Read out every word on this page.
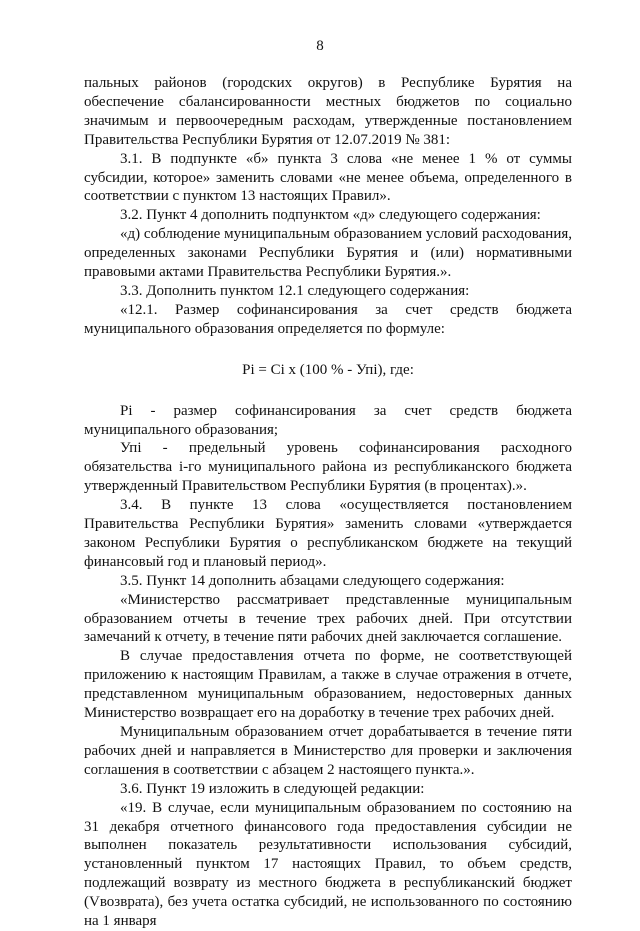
8

пальных районов (городских округов) в Республике Бурятия на обеспечение сбалансированности местных бюджетов по социально значимым и первоочередным расходам, утвержденные постановлением Правительства Республики Бурятия от 12.07.2019 № 381:

3.1. В подпункте «б» пункта 3 слова «не менее 1 % от суммы субсидии, которое» заменить словами «не менее объема, определенного в соответствии с пунктом 13 настоящих Правил».

3.2. Пункт 4 дополнить подпунктом «д» следующего содержания:

«д) соблюдение муниципальным образованием условий расходования, определенных законами Республики Бурятия и (или) нормативными правовыми актами Правительства Республики Бурятия.».

3.3. Дополнить пунктом 12.1 следующего содержания:

«12.1. Размер софинансирования за счет средств бюджета муниципального образования определяется по формуле:

Pi = Ci x (100 % - Упi), где:

Pi - размер софинансирования за счет средств бюджета муниципального образования;

Упi - предельный уровень софинансирования расходного обязательства i-го муниципального района из республиканского бюджета утвержденный Правительством Республики Бурятия (в процентах).».

3.4. В пункте 13 слова «осуществляется постановлением Правительства Республики Бурятия» заменить словами «утверждается законом Республики Бурятия о республиканском бюджете на текущий финансовый год и плановый период».

3.5. Пункт 14 дополнить абзацами следующего содержания:

«Министерство рассматривает представленные муниципальным образованием отчеты в течение трех рабочих дней. При отсутствии замечаний к отчету, в течение пяти рабочих дней заключается соглашение.

В случае предоставления отчета по форме, не соответствующей приложению к настоящим Правилам, а также в случае отражения в отчете, представленном муниципальным образованием, недостоверных данных Министерство возвращает его на доработку в течение трех рабочих дней.

Муниципальным образованием отчет дорабатывается в течение пяти рабочих дней и направляется в Министерство для проверки и заключения соглашения в соответствии с абзацем 2 настоящего пункта.».

3.6. Пункт 19 изложить в следующей редакции:

«19. В случае, если муниципальным образованием по состоянию на 31 декабря отчетного финансового года предоставления субсидии не выполнен показатель результативности использования субсидий, установленный пунктом 17 настоящих Правил, то объем средств, подлежащий возврату из местного бюджета в республиканский бюджет (Vвозврата), без учета остатка субсидий, не использованного по состоянию на 1 января
